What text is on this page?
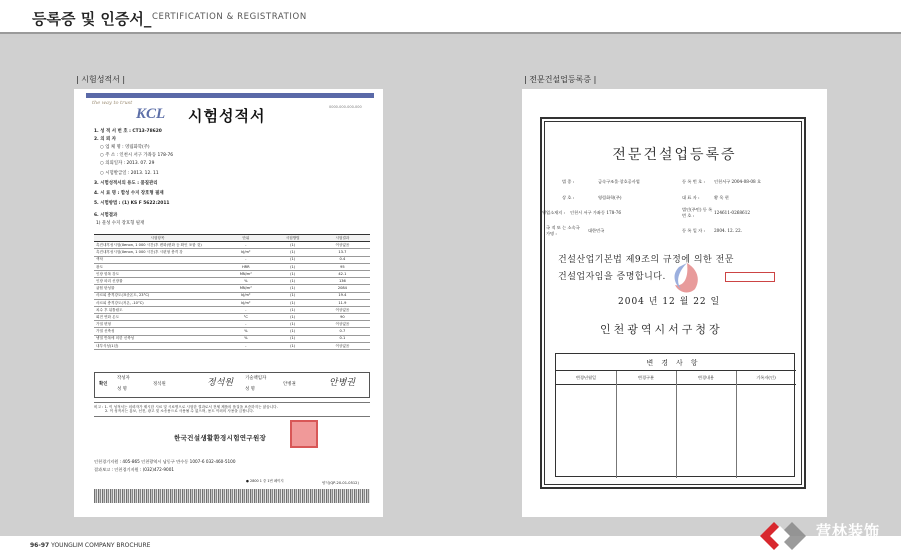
등록증 및 인증서_ CERTIFICATION & REGISTRATION
| 시험성적서 |	| 전문건설업등록증 |
the way to trust
KCL	0000-000-000-000
시험성적서
1. 성 적 서 번 호 : CT13-78620
2. 의 뢰 자
○ 업 체 명 : 영림화학(주)
○ 주 소 : 인천시 서구 가좌동 178-76
○ 의뢰일자 : 2013. 07. 29
○ 시험발급일 : 2013. 12. 11
3. 시험성적서의 용도 : 품질관리
4. 시 료 명 : 합성 수지 장호형 필재
5. 시험방법 : (1) KS F 5622:2011
6. 시험결과
1) 물성 수지 장호형 필재
시험항목	단위	시험방법	시험결과
촉진내후성시험(Xenon, 1 000 시간)후 변화(변화 등 확인 포함 것)	-	(1)	이상없음
촉진내후성시험(Xenon, 1 000 시간)후 시편형 충격 강	kJ/m²	(1)	13.7
색차	-	(1)	0.4
광도	HRR	(1)	95
인장 항복 강도	MN/m²	(1)	42.1
인장 파괴 신장률	%	(1)	136
굽힘 탄성률	MN/m²	(1)	2084
샤르피 충격강도(표준온도, 23°C)	kJ/m²	(1)	19.4
샤르피 충격강도(저온, -10°C)	kJ/m²	(1)	11.9
치수 후 뒤틀림도	-	(1)	이상없음
회전 연화 온도	°C	(1)	90
가열 변형	-	(1)	이상없음
가열 신축성	%	(1)	0.7
냉열 반복에 의한 신축성	%	(1)	0.1
내부식성(1년)	-	(1)	이상없음
확인
작성자
성 명
정석원	정석원	기술책임자
성 명
안병권	안병권
비고 : 1. 이 성적서는 의뢰자가 제시한 시료 및 시료명으로 시험한 결과로서 전체 제품의 품질을 보증하지는 않습니다.
2. 이 성적서는 홍보, 선전, 광고 및 소송용으로 사용될 수 없으며, 용도 이외의 사용을 금합니다.
한국건설생활환경시험연구원장
인천경기지원 : 405-865 인천광역시 남동구 만수동 1007-6 032-460-5100
결과보고 : 인천경기지원 : (032)472-9001
● 2800 1 중 1번 페이지	양식(QP-20-01-0512)
전문건설업등록증
법 종 :	금속구조물·창호공사업	등 록 번 호 : 인천서구 2004-08-08 호
상 호 :	영림화학(주)	대 표 자 :	황 욱 현
영업소재지 : 인천시 서구 가좌동 178-76
법인(주민) 등 록 번 호 :
124611-0268612
국 적 또 는 소속국가명 :
대한민국	등 록 일 자 : 2004. 12. 22.
건설산업기본법 제9조의 규정에 의한 전문
건설업자임을 증명합니다.
2004 년 12 월 22 일
인천광역시서구청장
변경사항
변경년월일	변경구분	변경내용	기록자(인)
96-97 YOUNGLIM COMPANY BROCHURE
营林装饰
